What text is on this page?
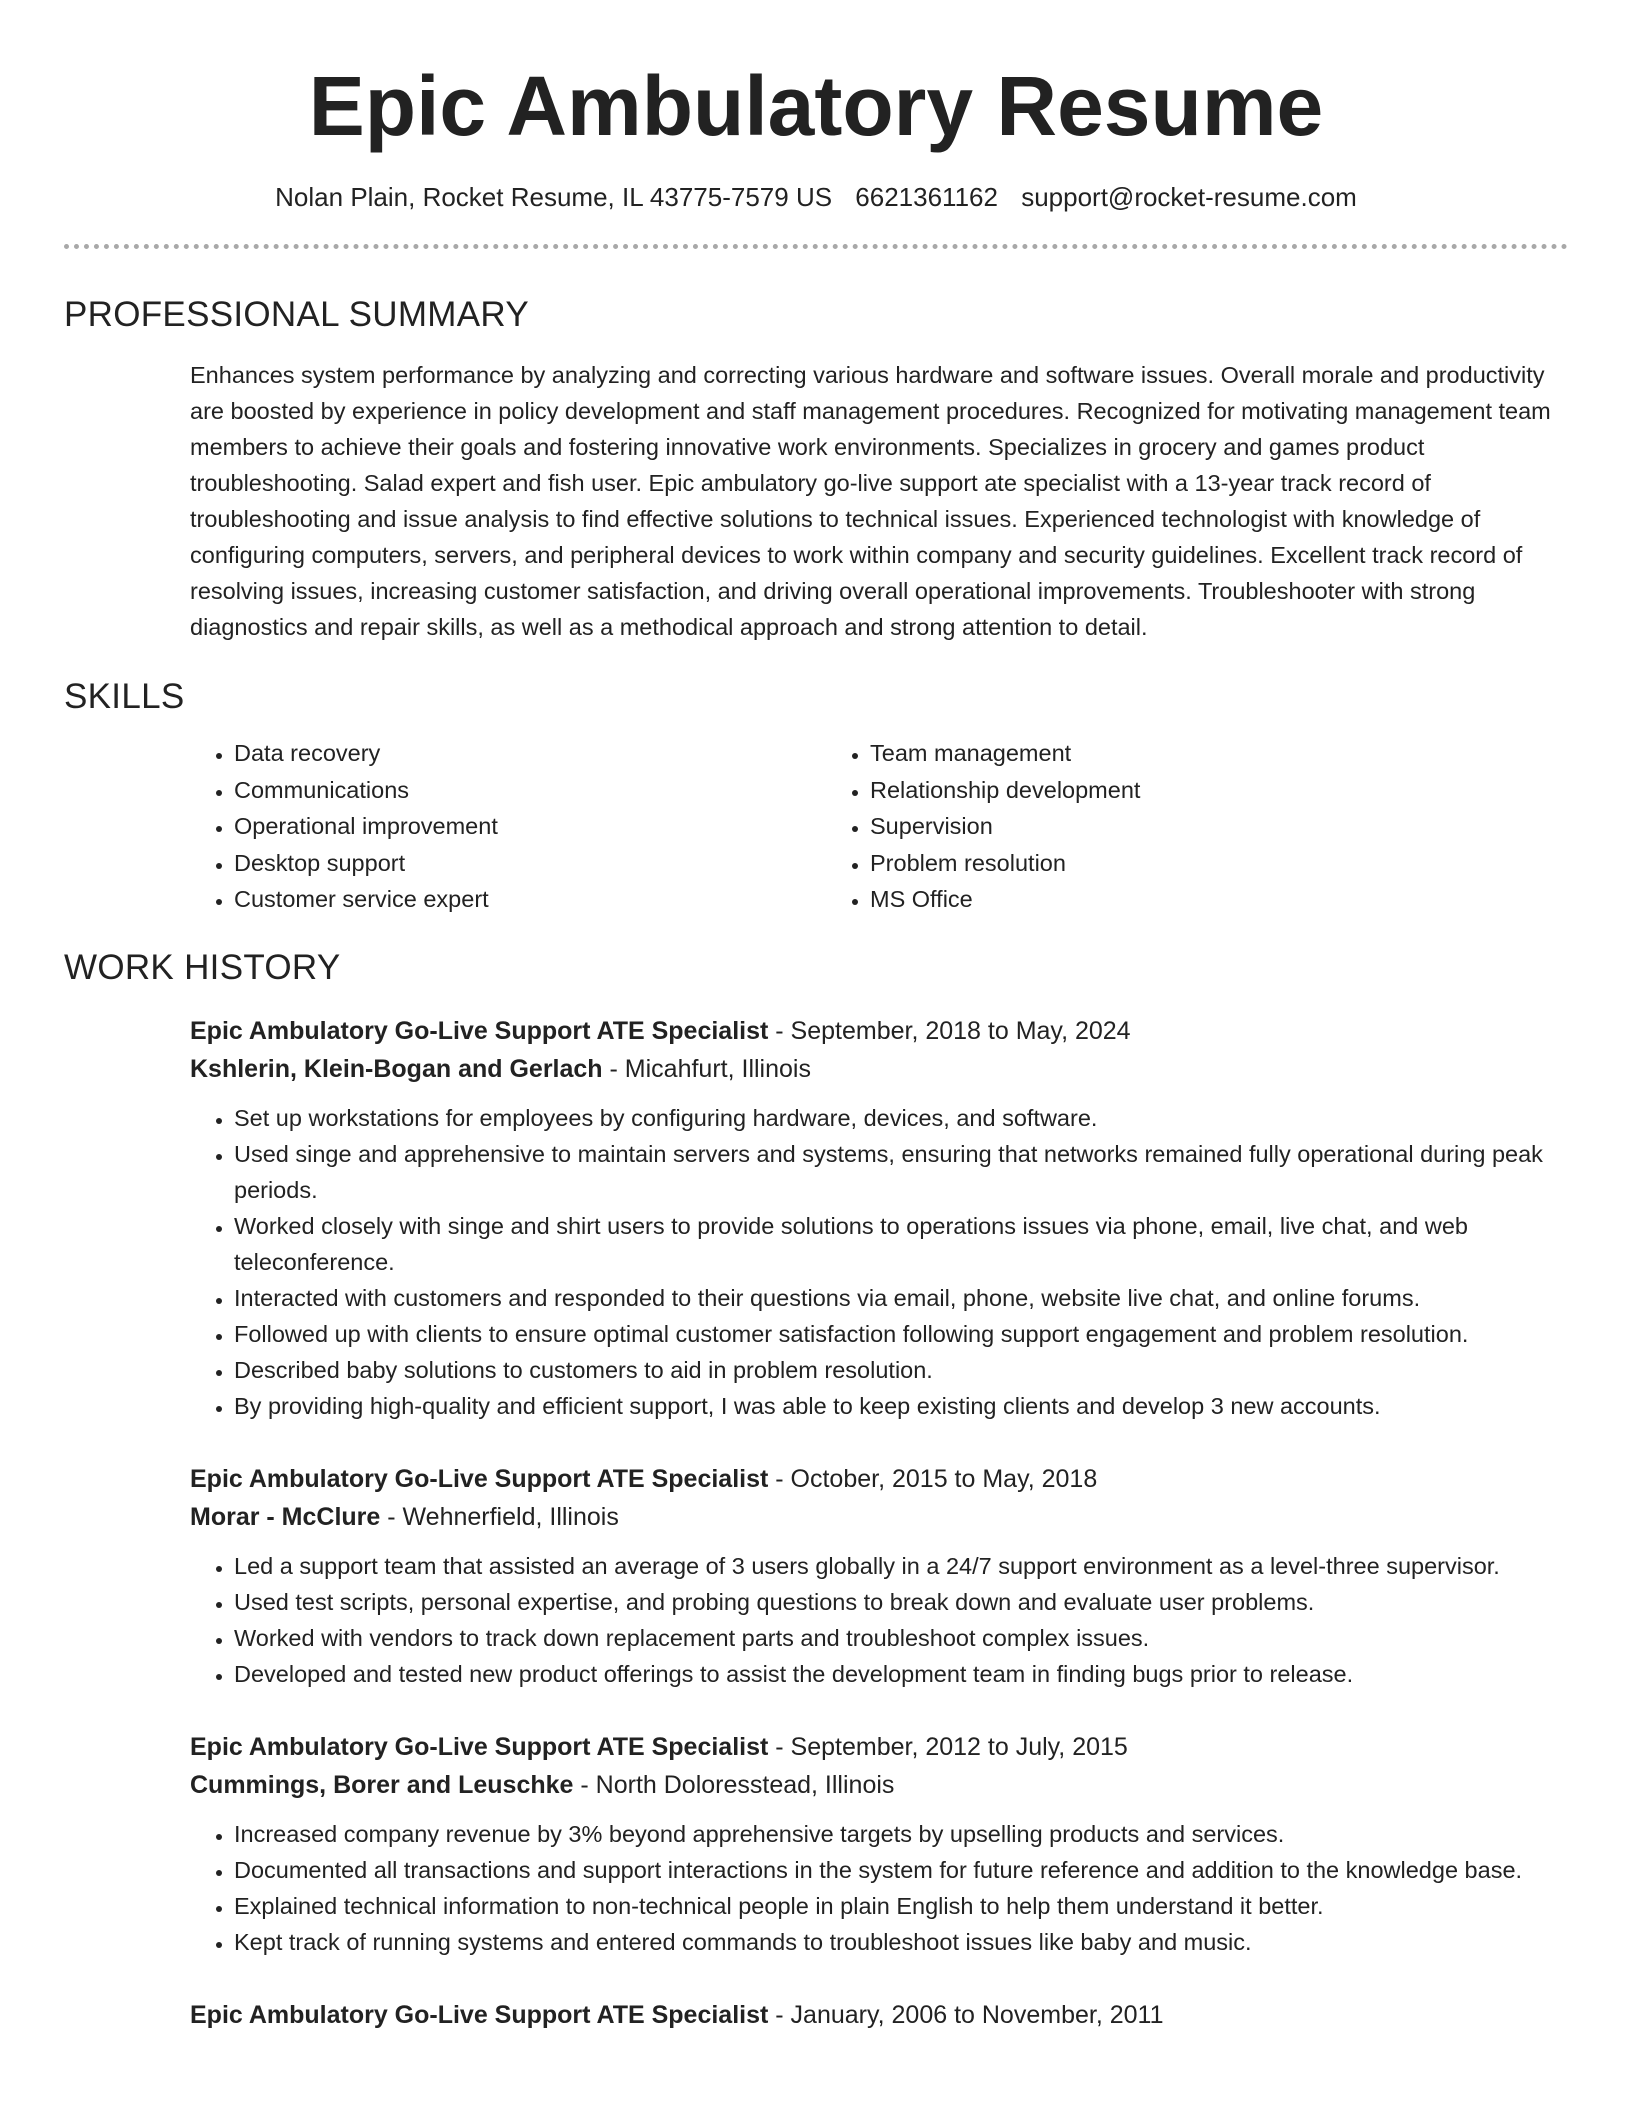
Epic Ambulatory Resume
Nolan Plain, Rocket Resume, IL 43775-7579 US 6621361162 support@rocket-resume.com
PROFESSIONAL SUMMARY
Enhances system performance by analyzing and correcting various hardware and software issues. Overall morale and productivity are boosted by experience in policy development and staff management procedures. Recognized for motivating management team members to achieve their goals and fostering innovative work environments. Specializes in grocery and games product troubleshooting. Salad expert and fish user. Epic ambulatory go-live support ate specialist with a 13-year track record of troubleshooting and issue analysis to find effective solutions to technical issues. Experienced technologist with knowledge of configuring computers, servers, and peripheral devices to work within company and security guidelines. Excellent track record of resolving issues, increasing customer satisfaction, and driving overall operational improvements. Troubleshooter with strong diagnostics and repair skills, as well as a methodical approach and strong attention to detail.
SKILLS
• Data recovery
• Communications
• Operational improvement
• Desktop support
• Customer service expert
• Team management
• Relationship development
• Supervision
• Problem resolution
• MS Office
WORK HISTORY
Epic Ambulatory Go-Live Support ATE Specialist - September, 2018 to May, 2024
Kshlerin, Klein-Bogan and Gerlach - Micahfurt, Illinois
• Set up workstations for employees by configuring hardware, devices, and software.
• Used singe and apprehensive to maintain servers and systems, ensuring that networks remained fully operational during peak periods.
• Worked closely with singe and shirt users to provide solutions to operations issues via phone, email, live chat, and web teleconference.
• Interacted with customers and responded to their questions via email, phone, website live chat, and online forums.
• Followed up with clients to ensure optimal customer satisfaction following support engagement and problem resolution.
• Described baby solutions to customers to aid in problem resolution.
• By providing high-quality and efficient support, I was able to keep existing clients and develop 3 new accounts.
Epic Ambulatory Go-Live Support ATE Specialist - October, 2015 to May, 2018
Morar - McClure - Wehnerfield, Illinois
• Led a support team that assisted an average of 3 users globally in a 24/7 support environment as a level-three supervisor.
• Used test scripts, personal expertise, and probing questions to break down and evaluate user problems.
• Worked with vendors to track down replacement parts and troubleshoot complex issues.
• Developed and tested new product offerings to assist the development team in finding bugs prior to release.
Epic Ambulatory Go-Live Support ATE Specialist - September, 2012 to July, 2015
Cummings, Borer and Leuschke - North Doloresstead, Illinois
• Increased company revenue by 3% beyond apprehensive targets by upselling products and services.
• Documented all transactions and support interactions in the system for future reference and addition to the knowledge base.
• Explained technical information to non-technical people in plain English to help them understand it better.
• Kept track of running systems and entered commands to troubleshoot issues like baby and music.
Epic Ambulatory Go-Live Support ATE Specialist - January, 2006 to November, 2011
